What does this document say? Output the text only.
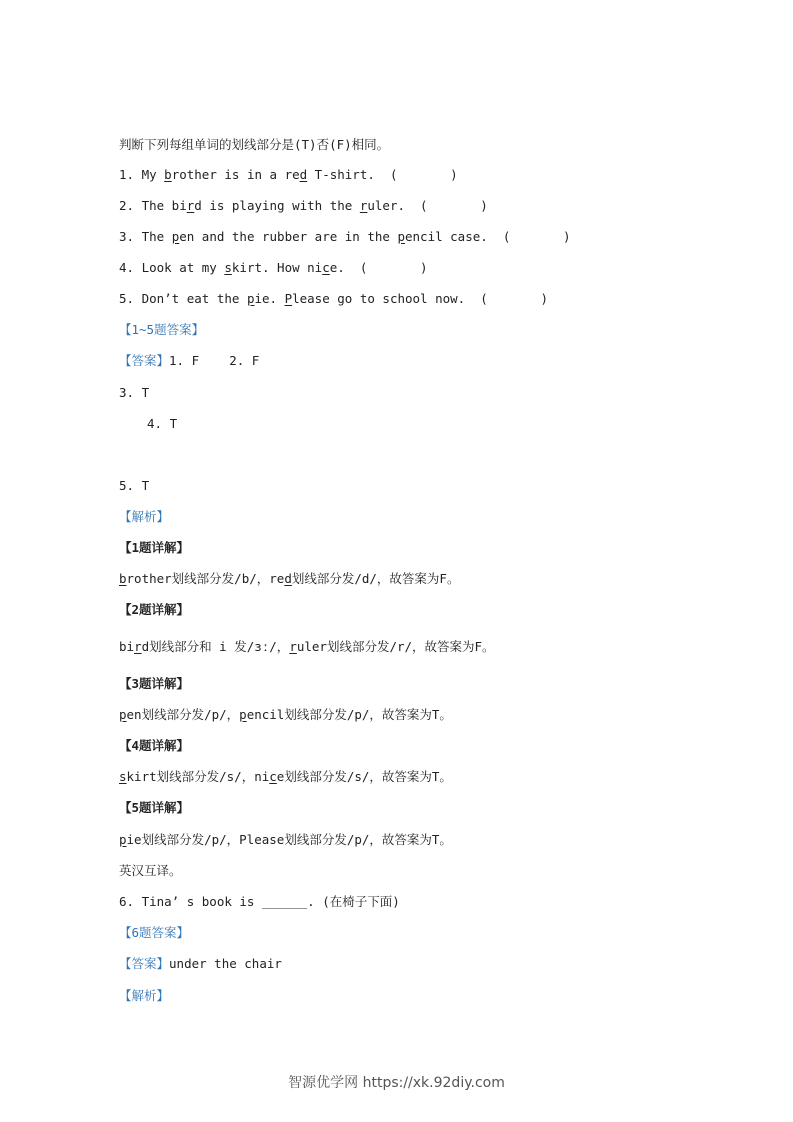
判断下列每组单词的划线部分是(T)否(F)相同。
1. My brother is in a red T-shirt.  (       )
2. The bird is playing with the ruler.  (       )
3. The pen and the rubber are in the pencil case.  (       )
4. Look at my skirt. How nice.  (       )
5. Don’t eat the pie. Please go to school now.  (       )
【1~5题答案】
【答案】1. F    2. F
3. T
4. T
5. T
【解析】
【1题详解】
brother划线部分发/b/，red划线部分发/d/，故答案为F。
【2题详解】
bird划线部分和 i 发/ɜː/，ruler划线部分发/r/，故答案为F。
【3题详解】
pen划线部分发/p/，pencil划线部分发/p/，故答案为T。
【4题详解】
skirt划线部分发/s/，nice划线部分发/s/，故答案为T。
【5题详解】
pie划线部分发/p/，Please划线部分发/p/，故答案为T。
英汉互译。
6. Tina’ s book is ______. (在椅子下面)
【6题答案】
【答案】under the chair
【解析】
智源优学网 https://xk.92diy.com
